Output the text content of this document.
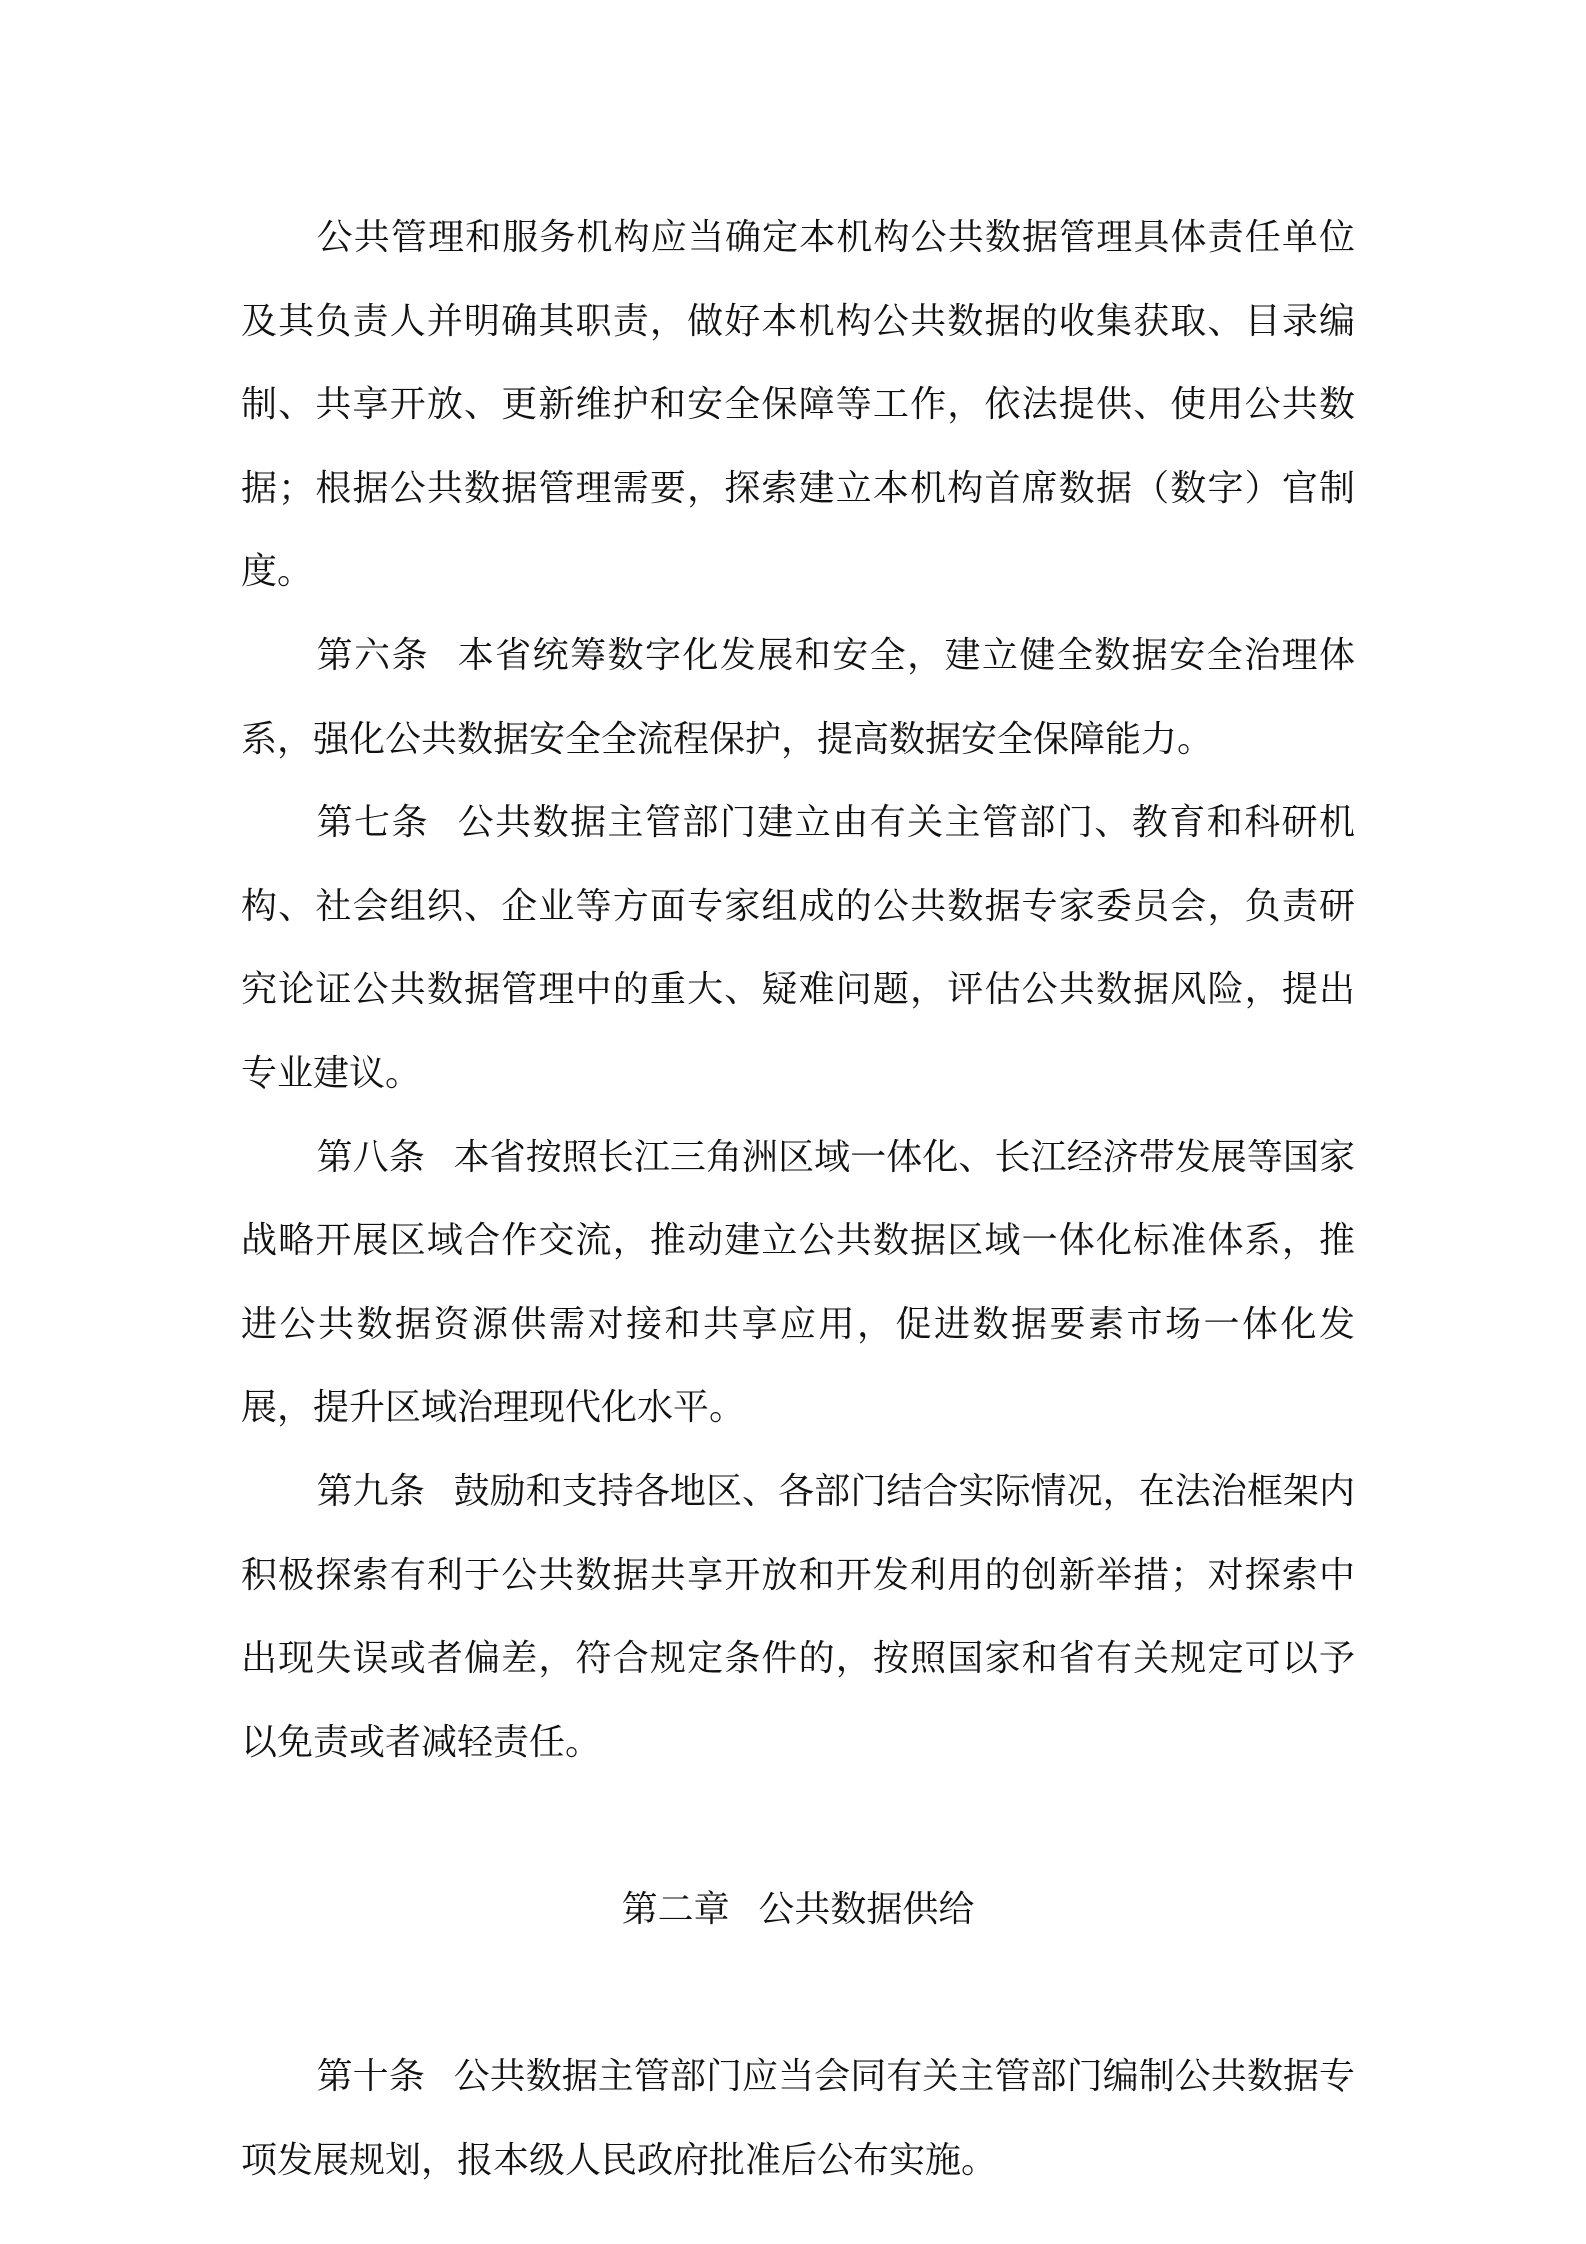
公共管理和服务机构应当确定本机构公共数据管理具体责任单位及其负责人并明确其职责，做好本机构公共数据的收集获取、目录编制、共享开放、更新维护和安全保障等工作，依法提供、使用公共数据；根据公共数据管理需要，探索建立本机构首席数据（数字）官制度。

第六条 本省统筹数字化发展和安全，建立健全数据安全治理体系，强化公共数据安全全流程保护，提高数据安全保障能力。

第七条 公共数据主管部门建立由有关主管部门、教育和科研机构、社会组织、企业等方面专家组成的公共数据专家委员会，负责研究论证公共数据管理中的重大、疑难问题，评估公共数据风险，提出专业建议。

第八条 本省按照长江三角洲区域一体化、长江经济带发展等国家战略开展区域合作交流，推动建立公共数据区域一体化标准体系，推进公共数据资源供需对接和共享应用，促进数据要素市场一体化发展，提升区域治理现代化水平。

第九条 鼓励和支持各地区、各部门结合实际情况，在法治框架内积极探索有利于公共数据共享开放和开发利用的创新举措；对探索中出现失误或者偏差，符合规定条件的，按照国家和省有关规定可以予以免责或者减轻责任。

第二章 公共数据供给

第十条 公共数据主管部门应当会同有关主管部门编制公共数据专项发展规划，报本级人民政府批准后公布实施。
